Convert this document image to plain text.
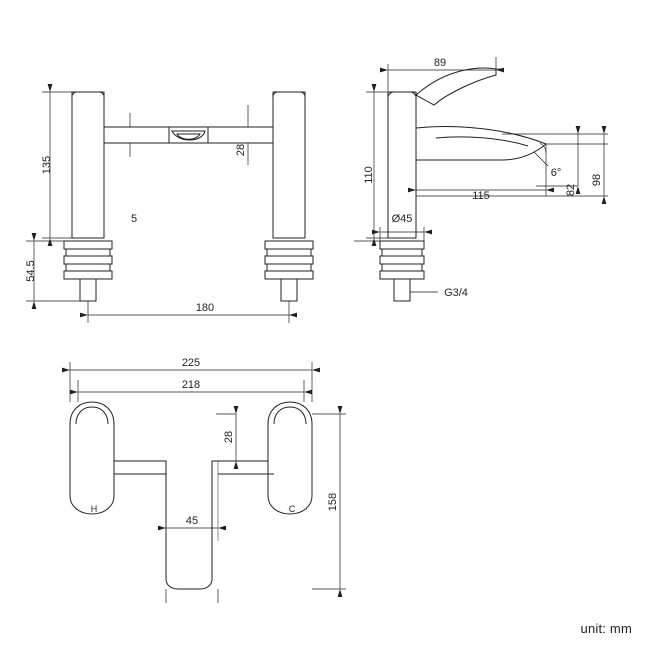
135
54.5
5
28
180
89
110
115	82
98
Ø45
G3/4
6°
225
218
45
28
158
H	C
unit: mm
